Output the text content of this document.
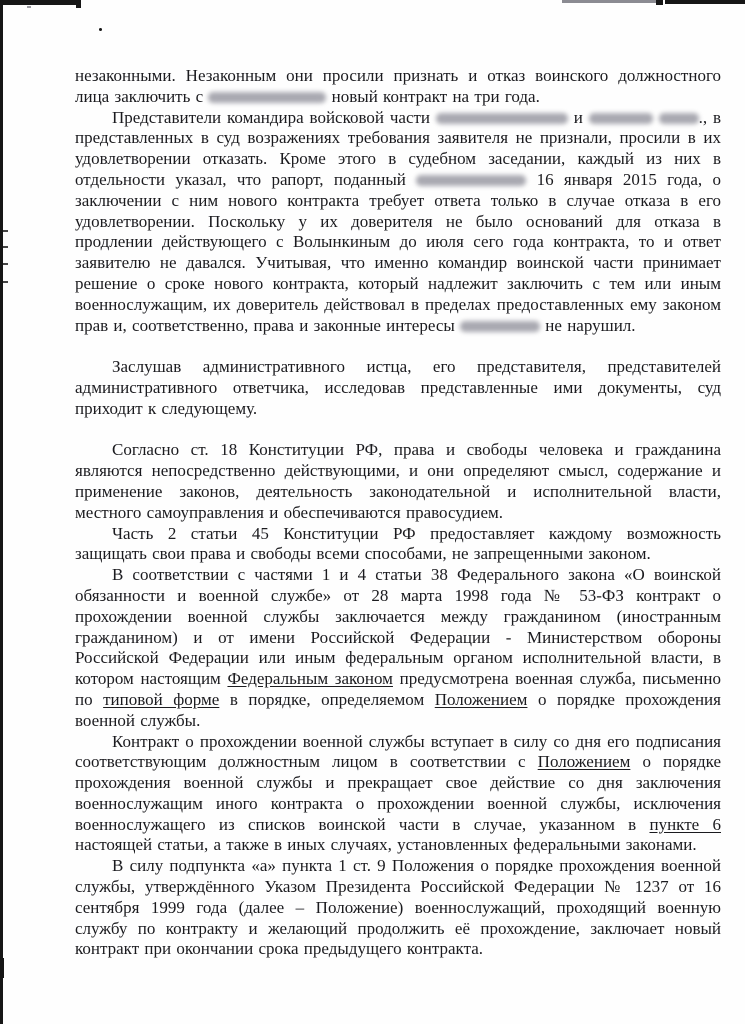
незаконными. Незаконным они просили признать и отказ воинского должностного лица заключить с	новый контракт на три года.

Представители командира войсковой части	и	., в представленных в суд возражениях требования заявителя не признали, просили в их удовлетворении отказать. Кроме этого в судебном заседании, каждый из них в отдельности указал, что рапорт, поданный	16 января 2015 года, о заключении с ним нового контракта требует ответа только в случае отказа в его удовлетворении. Поскольку у их доверителя не было оснований для отказа в продлении действующего с Волынкиным до июля сего года контракта, то и ответ заявителю не давался. Учитывая, что именно командир воинской части принимает решение о сроке нового контракта, который надлежит заключить с тем или иным военнослужащим, их доверитель действовал в пределах предоставленных ему законом прав и, соответственно, права и законные интересы	не нарушил.

Заслушав административного истца, его представителя, представителей административного ответчика, исследовав представленные ими документы, суд приходит к следующему.

Согласно ст. 18 Конституции РФ, права и свободы человека и гражданина являются непосредственно действующими, и они определяют смысл, содержание и применение законов, деятельность законодательной и исполнительной власти, местного самоуправления и обеспечиваются правосудием.

Часть 2 статьи 45 Конституции РФ предоставляет каждому возможность защищать свои права и свободы всеми способами, не запрещенными законом.

В соответствии с частями 1 и 4 статьи 38 Федерального закона «О воинской обязанности и военной службе» от 28 марта 1998 года № 53-ФЗ контракт о прохождении военной службы заключается между гражданином (иностранным гражданином) и от имени Российской Федерации - Министерством обороны Российской Федерации или иным федеральным органом исполнительной власти, в котором настоящим Федеральным законом предусмотрена военная служба, письменно по типовой форме в порядке, определяемом Положением о порядке прохождения военной службы.

Контракт о прохождении военной службы вступает в силу со дня его подписания соответствующим должностным лицом в соответствии с Положением о порядке прохождения военной службы и прекращает свое действие со дня заключения военнослужащим иного контракта о прохождении военной службы, исключения военнослужащего из списков воинской части в случае, указанном в пункте 6 настоящей статьи, а также в иных случаях, установленных федеральными законами.

В силу подпункта «а» пункта 1 ст. 9 Положения о порядке прохождения военной службы, утверждённого Указом Президента Российской Федерации № 1237 от 16 сентября 1999 года (далее – Положение) военнослужащий, проходящий военную службу по контракту и желающий продолжить её прохождение, заключает новый контракт при окончании срока предыдущего контракта.
